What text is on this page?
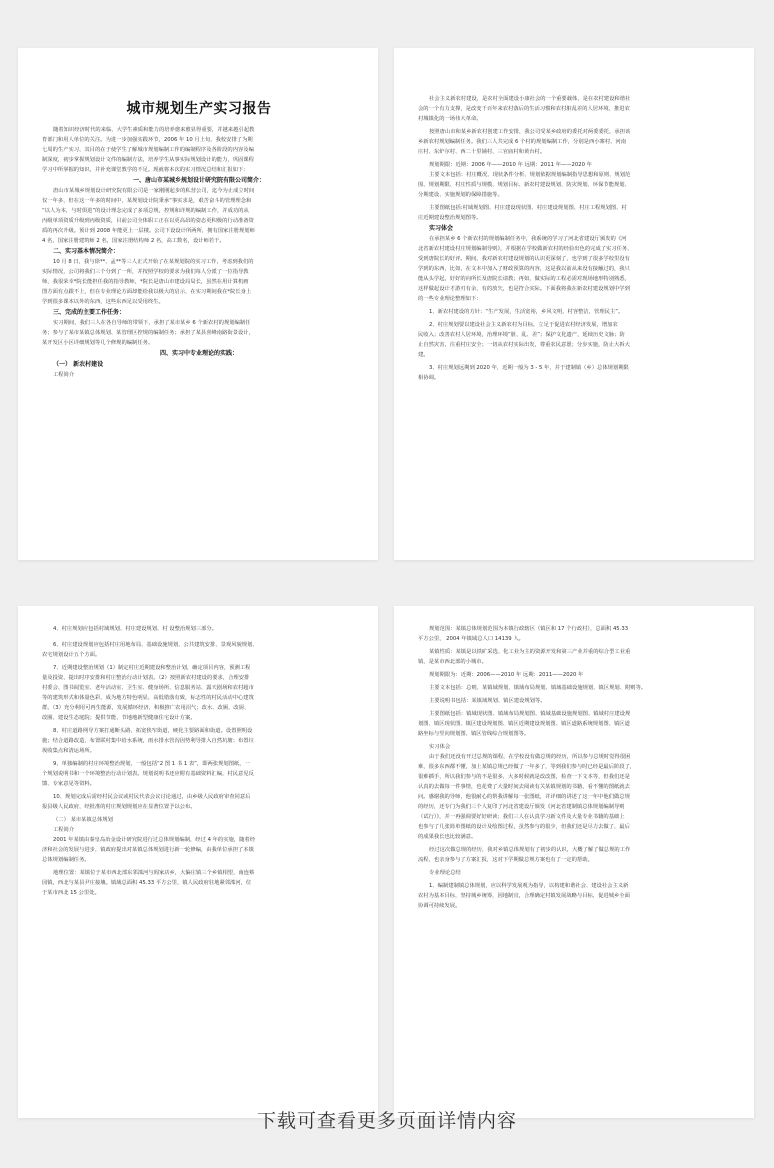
城市规划生产实习报告
随着知识经济时代的来临，大学生素质和能力的培养愈来愈显得重要，并越来越引起教
育部门和用人单位的关注。为进一步加强实践环节，2006 年 10 月上旬，我校安排了为期
七周的生产实习，其目的在于使学生了解城市规划编制工作的编制程序及各阶段的内容及编
制深度，初步掌握规划设计文件的编制方法，培养学生从事实际规划设计的能力，巩固课程
学习中所掌握的知识，并补充课堂教学的不足。现就将本次的实习情况总结和汇报如下：
一、唐山市某城乡规划设计研究院有限公司简介：
唐山市某城乡规划设计研究院有限公司是一家刚刚起步的私营公司，迄今为止成立时间
仅一年多，但在这一年多的时间中，某规划设计院秉承“事实求是，艰苦奋斗的管理理念和
“以人为本，与时俱进”的设计理念完成了多项总规，控规和详规的编制工作，并成功的从
丙级单项资质升级到丙级资质，目前公司全体职工正在以更高昂的姿态更积极的行动准备资
质的再次升级。预计到 2008 年能更上一层楼。公司下设设计所两所，拥有国家注册规划师
4 名，国家注册建筑师 2 名，国家注册结构师 2 名，高工数名，设计师若干。
二、实习基本情况简介：
10 月 8 日，我与徐**、孟**等三人正式开始了在某规划院的实习工作，考虑到我们的
实际情况，公司将我们三个分到了一所，并按照学校的要求为我们每人分派了一位指导教
师，我很荣幸*院长能担任我的指导教师，*院长是唐山市建设局局长，虽然在用计算机画
图方面有点跟不上，但在专业理论方面却能给我以极大的启示，在实习期间我在*院长身上
学到很多课本以外的东西，这些东西足以受用终生。
三、完成的主要工作任务：
实习期间，我们三人在各自导师的带领下，承担了某市某乡 6 个新农村的规划编制任
务；参与了某市某镇总体规划、某管理区控规的编制任务；承担了某县喜峰南路街景设计，
某开发区小区详细规划等几个修规的编制任务。
四、实习中专业理论的实践：
（一） 新农村建设
工程简介
社会主义新农村建设，是农村全面建设小康社会的一个重要载体，是在农村建设和谐社
会的一个有力支撑，是改变千百年来农村落后的生活习惯和农村脏乱差的人居环境，推进农
村城镇化的一场伟大革命。
按照唐山市和某乡新农村创建工作安排，我公司受某乡政府的委托对两委委托，承担该
乡新农村规划编制任务。我们三人共完成 6 个村的规划编制工作，分别是西小寨村、河南
庄村、东炉尔村、西二十里铺村、三官庙村和黄台村。
规划期限：近期：2006 年——2010 年 远期：2011 年——2020 年
主要文本包括：村庄概况、现状条件分析、规划依据规划编制指导思想和原则、规划范
围、规划期限、村庄性质与规模、规划目标、新农村建设规划、防灾规划、环保节能规划、
分期建设、实施规划的保障措施等。
主要图纸包括:村域规划图、村庄建设现状图、村庄建设规划图、村庄工程规划图、村
庄近期建设整治规划图等。
实习体会
在承担某乡 6 个新农村的规划编制任务中，我系统的学习了河北省建设厅颁发的《河
北省新农村建设村庄规划编制导则》，并根据在学校做新农村的经验出色的完成了实习任务，
受到唐院长的好评。期间，我对新农村建设规划的认识更深刻了，也学到了很多学校里没有
学到的东西，比如，在文本中加入了财政预算的内容，这是我以前从来没有接触过的，我只
能从头学起，好好的向所长及唐院长请教；再如，做实际的工程必需对现场地形特别熟悉，
这样做起设计才游刃有余，有的放矢，也是符合实际。下面我将我在新农村建设规划中学到
的一些专业理论整理如下：
1、新农村建设的方针：“生产发展，生活宽裕，乡风文明，村容整洁，管理民主”。
2、村庄规划要以建设社会主义新农村为目标，立足于促进农村经济发展，增加农
民收入；改善农村人居环境，治理环境“脏、乱、差”；保护文化遗产，延续历史文脉；防
止自然灾害，注重村庄安全；一切从农村实际出发，尊重农民意愿；分步实施，防止大拆大
建。
3、村庄规划远期到 2020 年，近期一般为 3 - 5 年，并于建制镇（乡）总体规划期限
相协调。
4、村庄规划应包括村域规划、村庄建设规划、村 设整治规划三部分。
6、村庄建设规划应包括村庄用地布局、基础设施规划、公共建筑安排、景观风貌规划、
农宅规划设计五个方面。
7、近期建设整治规划（1）制定村庄近期建设和整治计划，确定项目内容，预测工程
量及投资，提出时序安排和村庄整治行动计划表。（2）按照新农村建设的要求，合理安排
村委会、图书阅览室、老年活动室、卫生室、健身场所、信息服务站、露天剧场和农村超市
等的建筑形式和体量色彩，成为地方特色明显，高低错落有致，标志性的村民活动中心建筑
群。（3）充分利用可再生能源，发展循环经济，积极推广农用沼气；改水、改厕、改厨、
改圈、建设生态庭院；提供节能、节地地新型健康住宅设计方案。
8、村庄道路网导方案打通断头路，拓宽狭窄街道，硬化主要路面和街道。设置照明设
施；结合道路改造，布置联村集中给水系统，雨水排水管沟因势利导排入自然坑塘；布置垃
圾收集点和清运场所。
9、单独编制的村庄环境整治规划，一般包括“2 图 1 书 1 表”，即两张规划图纸，一
个规划说明书和一个环境整治行动计划表。规划说明书还应附有基础资料汇编，村民意见反
馈、专家意见等资料。
10、规划完成后需经村民会议或村民代表会议讨论通过，由乡级人民政府审查同意后
报县级人民政府，经批准的村庄规划规划应在显著位置予以公布。
（二） 某市某镇总体规划
工程简介
2001 年某镇由秦皇岛冶金设计研究院进行过总体规划编制，经过 4 年的实施，随着经
济和社会的发展与进步，镇政府提出对某镇总体规划进行新一轮修编，由我单位承担了本镇
总体规划编制任务。
地理位置：某镇位于某市西北部东邻滦河与阎家店乡，大偏庄镇三个乡镇相望，南连蔡
园镇，西北与某县尹庄接壤。镇域总面积 45.33 平方公里，镇人民政府驻地紧邻滦河，位
于某市西北 15 公里处。
规划范围：某镇总体规划范围为本镇行政辖区（镇区和 17 个行政村），总面积 45.33
平方公里， 2004 年镇域总人口 14139 人。
某镇性质：某镇是以铁矿采选、化工业为主的资源开发和第三产业并重的综合型工业重
镇，是某市西北部的小城市。
规划期限为：近期：2006——2010 年 远期：2011——2020 年
主要文本包括：总则、某镇域规划、镇域布局规划、镇域基础设施规划、镇区规划、附则等。
主要说明书包括：某镇域规划、镇区建设规划等。
主要图纸包括：镇域现状图、镇域布局规划图、镇域基础设施规划图、镇域村庄建设规
划图、镇区现状图、镇区建设规划图、镇区近期建设规划图、镇区道路系统规划图、镇区道
路坐标与竖向规划图、镇区管线综合规划图等。
实习体会
由于我们还没有开过总规的课程，在学校没有做总规的经历，所以参与总规时觉得很困
难，很多东西都不懂，加上某镇总规已经做了一年多了，等到我们参与时已经是最后阶段了，
很难插手，所以我们参与的不是很多，大多时候就是改改图，检查一下文本等，但我们还是
认真的去做每一件事情，也花费了大量时间去阅读有关某镇规划的书籍，看不懂的图纸就去
问。感谢我的导师，他很耐心的帮我讲解每一张图纸，并详细的讲述了这一年中他们做总规
的经历，还专门为我们三个人复印了河北省建设厅颁发《河北省建制镇总体规划编制导则
（试行）》，并一再强调要好好研读；我们三人在认真学习新文件及大量专业书籍的基础上
也参与了几张简单图纸的设计及绘图过程，虽然参与的很少，但我们还是尽力去做了，最后
的成果我长也比较满意。
经过这次做总规的经历，我对乡镇总体规划有了初步的认识，大概了解了做总规的工作
流程，也亲身参与了方案汇报，这对下学期做总规方案也有了一定的帮助。
专业理论总结
1、编制建制镇总体规划，应以科学发展观为指导，以构建和谐社会、建设社会主义新
农村为基本目标，坚持城乡统筹，因地制宜，合理确定村镇发展战略与目标，促进城乡全面
协调可持续发展。
下载可查看更多页面详情内容
